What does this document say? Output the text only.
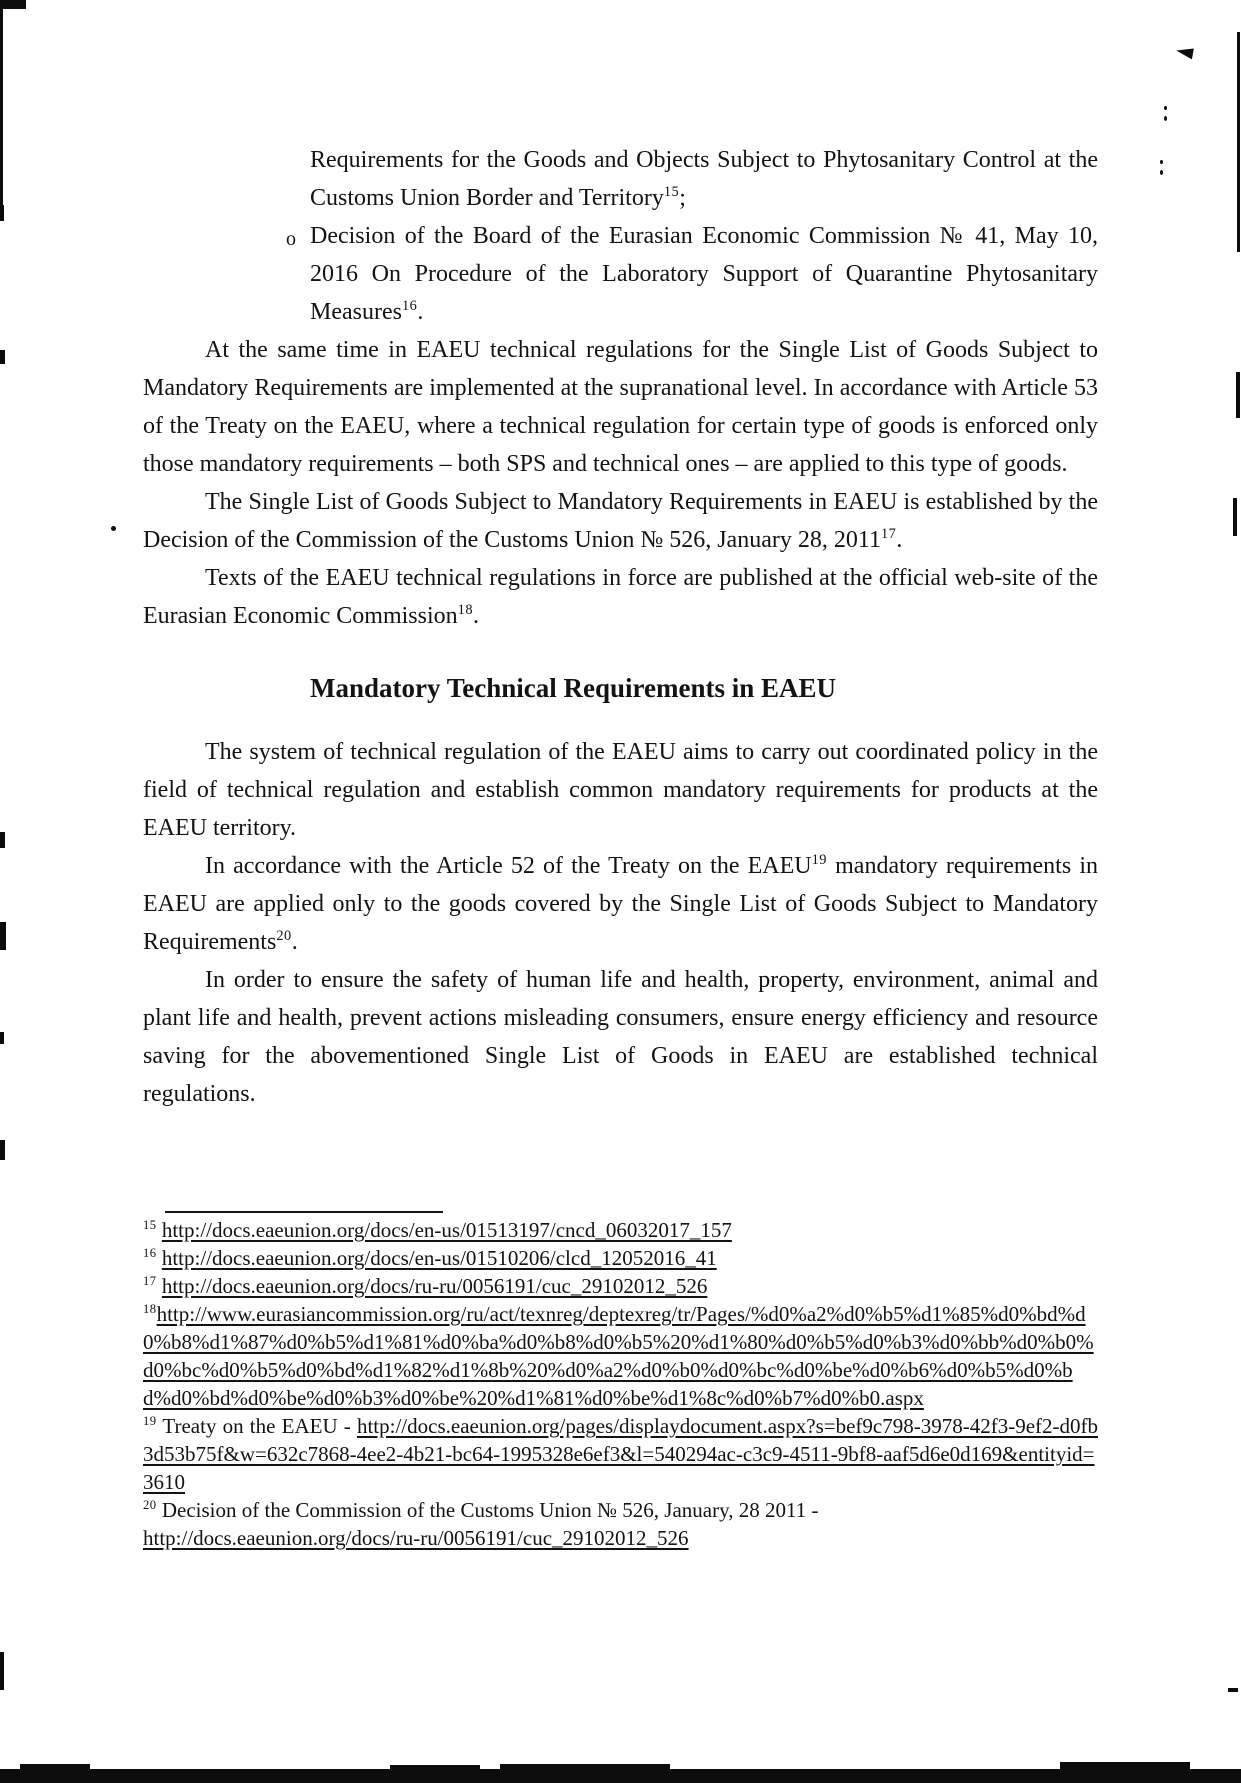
Requirements for the Goods and Objects Subject to Phytosanitary Control at the Customs Union Border and Territory$^{15}$;
o Decision of the Board of the Eurasian Economic Commission № 41, May 10, 2016 On Procedure of the Laboratory Support of Quarantine Phytosanitary Measures$^{16}$.

At the same time in EAEU technical regulations for the Single List of Goods Subject to Mandatory Requirements are implemented at the supranational level. In accordance with Article 53 of the Treaty on the EAEU, where a technical regulation for certain type of goods is enforced only those mandatory requirements – both SPS and technical ones – are applied to this type of goods.

The Single List of Goods Subject to Mandatory Requirements in EAEU is established by the Decision of the Commission of the Customs Union № 526, January 28, 2011$^{17}$.

Texts of the EAEU technical regulations in force are published at the official web-site of the Eurasian Economic Commission$^{18}$.

Mandatory Technical Requirements in EAEU

The system of technical regulation of the EAEU aims to carry out coordinated policy in the field of technical regulation and establish common mandatory requirements for products at the EAEU territory.

In accordance with the Article 52 of the Treaty on the EAEU$^{19}$ mandatory requirements in EAEU are applied only to the goods covered by the Single List of Goods Subject to Mandatory Requirements$^{20}$.

In order to ensure the safety of human life and health, property, environment, animal and plant life and health, prevent actions misleading consumers, ensure energy efficiency and resource saving for the abovementioned Single List of Goods in EAEU are established technical regulations.

$^{15}$ http://docs.eaeunion.org/docs/en-us/01513197/cncd_06032017_157
$^{16}$ http://docs.eaeunion.org/docs/en-us/01510206/clcd_12052016_41
$^{17}$ http://docs.eaeunion.org/docs/ru-ru/0056191/cuc_29102012_526
$^{18}$http://www.eurasiancommission.org/ru/act/texnreg/deptexreg/tr/Pages/%d0%a2%d0%b5%d1%85%d0%bd%d0%b8%d1%87%d0%b5%d1%81%d0%ba%d0%b8%d0%b5%20%d1%80%d0%b5%d0%b3%d0%bb%d0%b0%d0%bc%d0%b5%d0%bd%d1%82%d1%8b%20%d0%a2%d0%b0%d0%bc%d0%be%d0%b6%d0%b5%d0%bd%d0%bd%d0%be%d0%b3%d0%be%20%d1%81%d0%be%d1%8c%d0%b7%d0%b0.aspx
$^{19}$ Treaty on the EAEU - http://docs.eaeunion.org/pages/displaydocument.aspx?s=bef9c798-3978-42f3-9ef2-d0fb3d53b75f&w=632c7868-4ee2-4b21-bc64-1995328e6ef3&l=540294ac-c3c9-4511-9bf8-aaf5d6e0d169&entityid=3610
$^{20}$ Decision of the Commission of the Customs Union № 526, January, 28 2011 -
http://docs.eaeunion.org/docs/ru-ru/0056191/cuc_29102012_526
